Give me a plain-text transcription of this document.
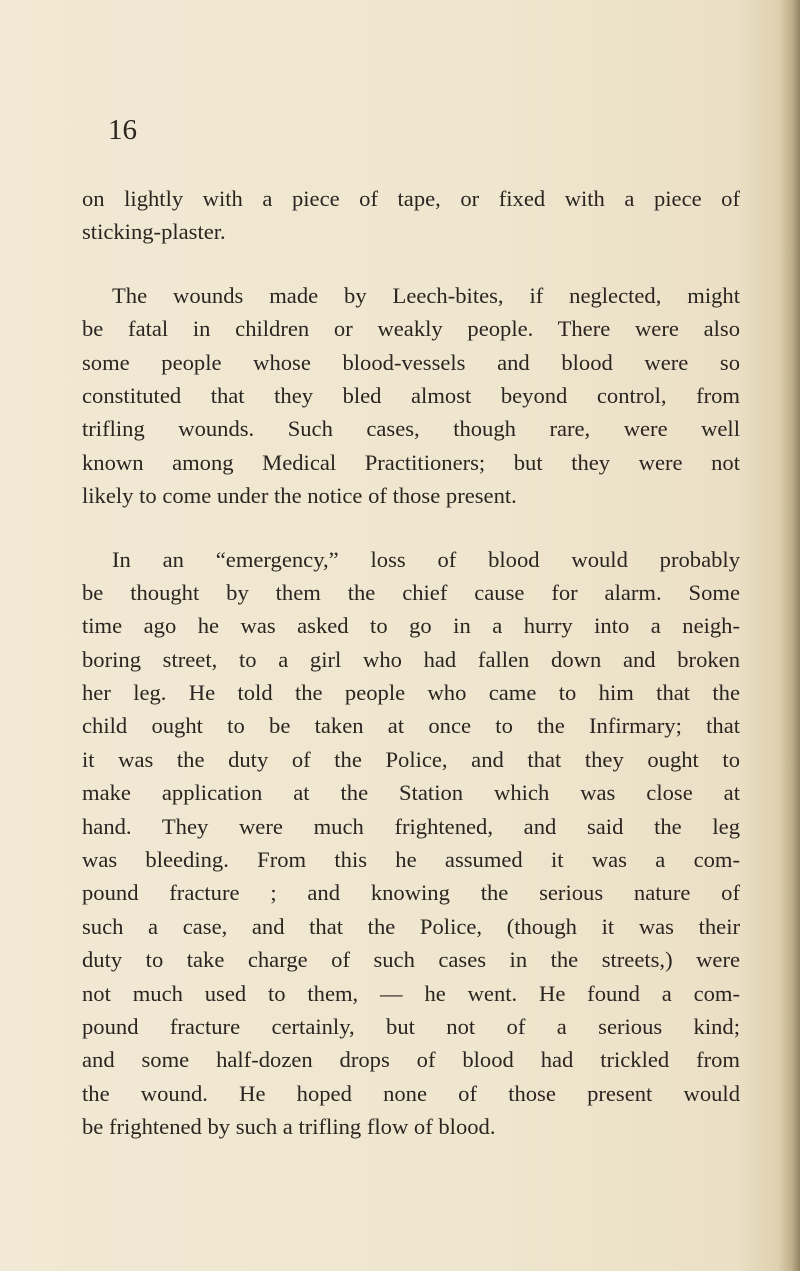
16
on lightly with a piece of tape, or fixed with a piece of
sticking-plaster.
The wounds made by Leech-bites, if neglected, might
be fatal in children or weakly people. There were also
some people whose blood-vessels and blood were so
constituted that they bled almost beyond control, from
trifling wounds. Such cases, though rare, were well
known among Medical Practitioners; but they were not
likely to come under the notice of those present.
In an “emergency,” loss of blood would probably
be thought by them the chief cause for alarm. Some
time ago he was asked to go in a hurry into a neigh-
boring street, to a girl who had fallen down and broken
her leg. He told the people who came to him that the
child ought to be taken at once to the Infirmary; that
it was the duty of the Police, and that they ought to
make application at the Station which was close at
hand. They were much frightened, and said the leg
was bleeding. From this he assumed it was a com-
pound fracture ; and knowing the serious nature of
such a case, and that the Police, (though it was their
duty to take charge of such cases in the streets,) were
not much used to them, — he went. He found a com-
pound fracture certainly, but not of a serious kind;
and some half-dozen drops of blood had trickled from
the wound. He hoped none of those present would
be frightened by such a trifling flow of blood.
